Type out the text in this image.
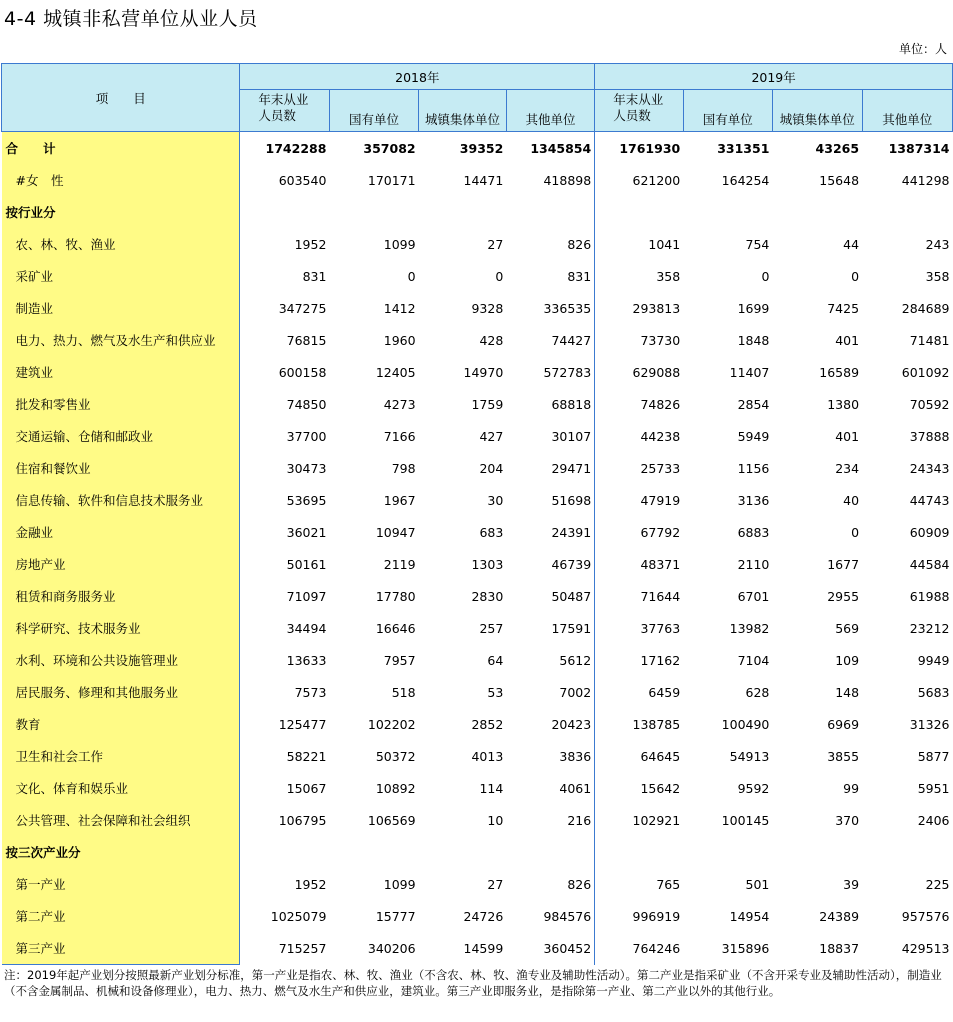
4-4 城镇非私营单位从业人员
单位：人
项　　目	2018年				2019年			
	年末从业
人员数	国有单位	城镇集体单位	其他单位	年末从业
人员数	国有单位	城镇集体单位	其他单位
合　　计	1742288	357082	39352	1345854	1761930	331351	43265	1387314
#女　性	603540	170171	14471	418898	621200	164254	15648	441298
按行业分								
农、林、牧、渔业	1952	1099	27	826	1041	754	44	243
采矿业	831	0	0	831	358	0	0	358
制造业	347275	1412	9328	336535	293813	1699	7425	284689
电力、热力、燃气及水生产和供应业	76815	1960	428	74427	73730	1848	401	71481
建筑业	600158	12405	14970	572783	629088	11407	16589	601092
批发和零售业	74850	4273	1759	68818	74826	2854	1380	70592
交通运输、仓储和邮政业	37700	7166	427	30107	44238	5949	401	37888
住宿和餐饮业	30473	798	204	29471	25733	1156	234	24343
信息传输、软件和信息技术服务业	53695	1967	30	51698	47919	3136	40	44743
金融业	36021	10947	683	24391	67792	6883	0	60909
房地产业	50161	2119	1303	46739	48371	2110	1677	44584
租赁和商务服务业	71097	17780	2830	50487	71644	6701	2955	61988
科学研究、技术服务业	34494	16646	257	17591	37763	13982	569	23212
水利、环境和公共设施管理业	13633	7957	64	5612	17162	7104	109	9949
居民服务、修理和其他服务业	7573	518	53	7002	6459	628	148	5683
教育	125477	102202	2852	20423	138785	100490	6969	31326
卫生和社会工作	58221	50372	4013	3836	64645	54913	3855	5877
文化、体育和娱乐业	15067	10892	114	4061	15642	9592	99	5951
公共管理、社会保障和社会组织	106795	106569	10	216	102921	100145	370	2406
按三次产业分								
第一产业	1952	1099	27	826	765	501	39	225
第二产业	1025079	15777	24726	984576	996919	14954	24389	957576
第三产业	715257	340206	14599	360452	764246	315896	18837	429513
注：2019年起产业划分按照最新产业划分标准，第一产业是指农、林、牧、渔业（不含农、林、牧、渔专业及辅助性活动）。第二产业是指采矿业（不含开采专业及辅助性活动），制造业（不含金属制品、机械和设备修理业），电力、热力、燃气及水生产和供应业，建筑业。第三产业即服务业，是指除第一产业、第二产业以外的其他行业。
